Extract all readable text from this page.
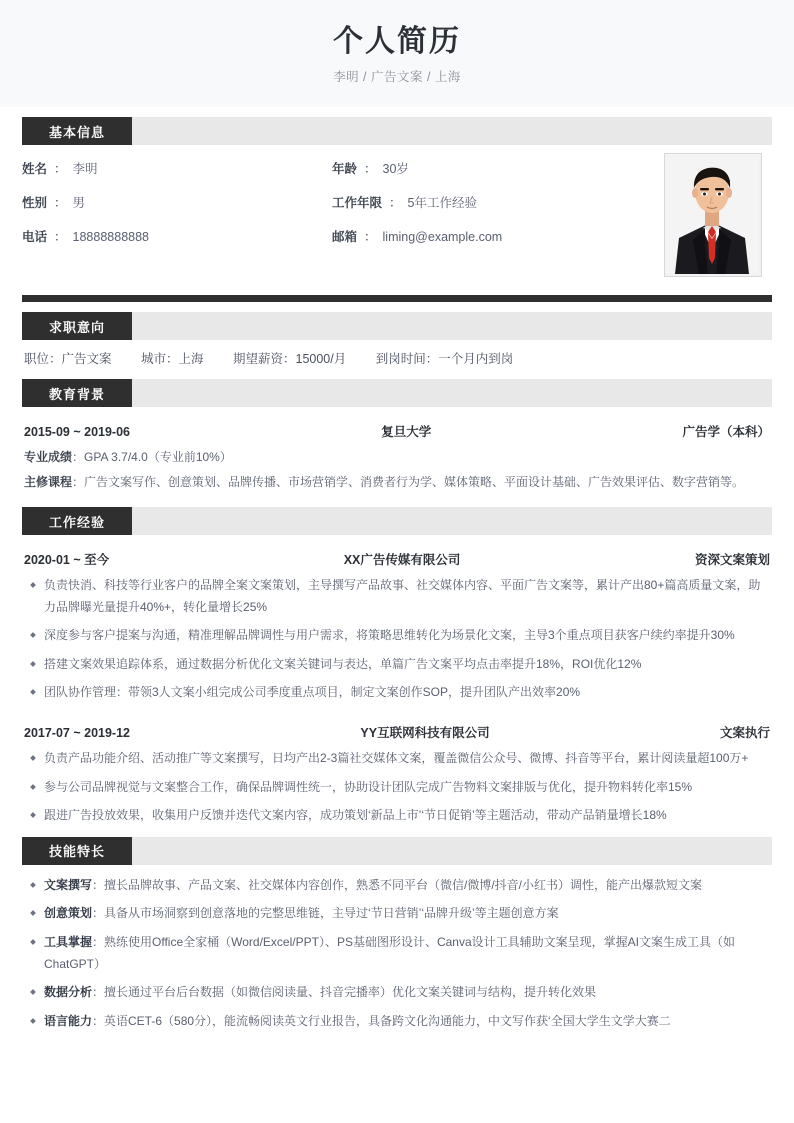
个人简历
李明 / 广告文案 / 上海
基本信息
姓名 ： 李明	年龄 ： 30岁
性别 ： 男	工作年限 ： 5年工作经验
电话 ： 18888888888	邮箱 ： liming@example.com
求职意向
职位：广告文案 城市：上海 期望薪资：15000/月 到岗时间：一个月内到岗
教育背景
2015-09 ~ 2019-06	复旦大学	广告学（本科）
专业成绩：GPA 3.7/4.0（专业前10%）
主修课程：广告文案写作、创意策划、品牌传播、市场营销学、消费者行为学、媒体策略、平面设计基础、广告效果评估、数字营销等。
工作经验
2020-01 ~ 至今	XX广告传媒有限公司	资深文案策划
负责快消、科技等行业客户的品牌全案文案策划，主导撰写产品故事、社交媒体内容、平面广告文案等，累计产出80+篇高质量文案，助力品牌曝光量提升40%+，转化量增长25%
深度参与客户提案与沟通，精准理解品牌调性与用户需求，将策略思维转化为场景化文案，主导3个重点项目获客户续约率提升30%
搭建文案效果追踪体系，通过数据分析优化文案关键词与表达，单篇广告文案平均点击率提升18%，ROI优化12%
团队协作管理：带领3人文案小组完成公司季度重点项目，制定文案创作SOP，提升团队产出效率20%
2017-07 ~ 2019-12	YY互联网科技有限公司	文案执行
负责产品功能介绍、活动推广等文案撰写，日均产出2-3篇社交媒体文案，覆盖微信公众号、微博、抖音等平台，累计阅读量超100万+
参与公司品牌视觉与文案整合工作，确保品牌调性统一，协助设计团队完成广告物料文案排版与优化，提升物料转化率15%
跟进广告投放效果，收集用户反馈并迭代文案内容，成功策划‘新品上市’‘节日促销’等主题活动，带动产品销量增长18%
技能特长
文案撰写：擅长品牌故事、产品文案、社交媒体内容创作，熟悉不同平台（微信/微博/抖音/小红书）调性，能产出爆款短文案
创意策划：具备从市场洞察到创意落地的完整思维链，主导过‘节日营销’‘品牌升级’等主题创意方案
工具掌握：熟练使用Office全家桶（Word/Excel/PPT）、PS基础图形设计、Canva设计工具辅助文案呈现，掌握AI文案生成工具（如ChatGPT）
数据分析：擅长通过平台后台数据（如微信阅读量、抖音完播率）优化文案关键词与结构，提升转化效果
语言能力：英语CET-6（580分），能流畅阅读英文行业报告，具备跨文化沟通能力，中文写作获‘全国大学生文学大赛二
